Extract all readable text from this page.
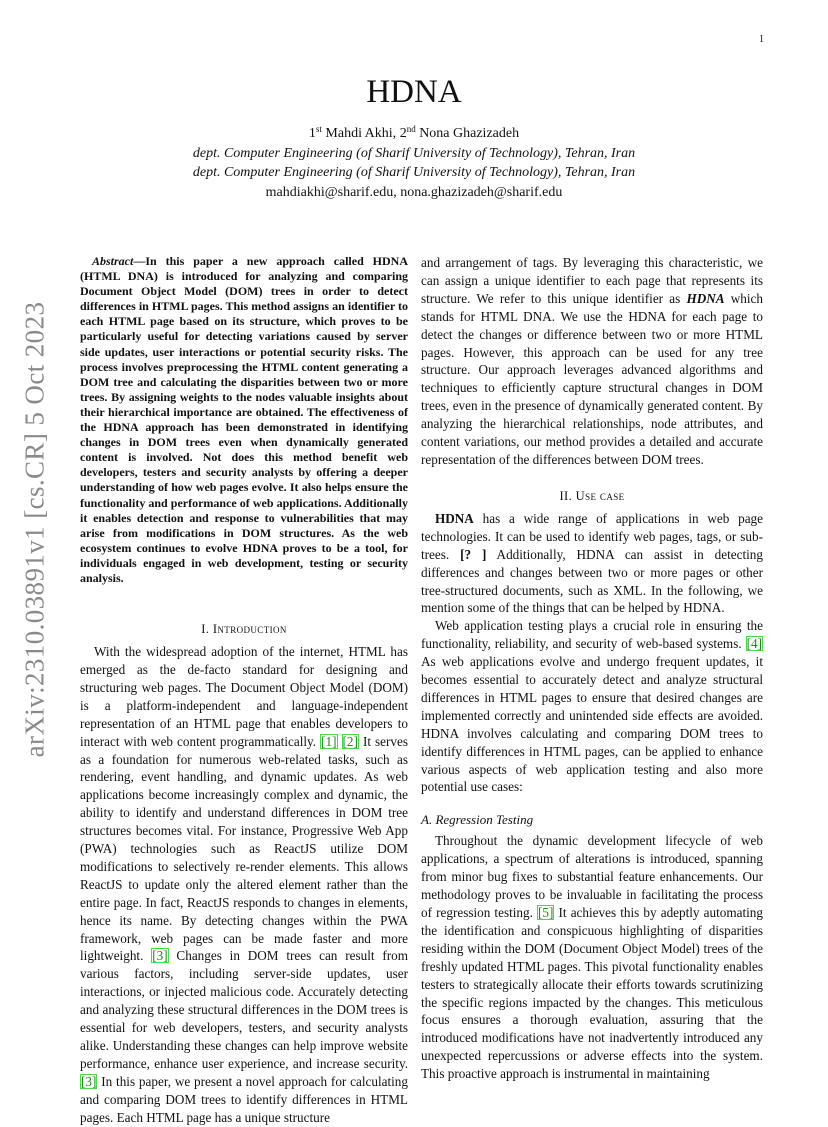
1
arXiv:2310.03891v1 [cs.CR] 5 Oct 2023
HDNA
1st Mahdi Akhi, 2nd Nona Ghazizadeh
dept. Computer Engineering (of Sharif University of Technology), Tehran, Iran
dept. Computer Engineering (of Sharif University of Technology), Tehran, Iran
mahdiakhi@sharif.edu, nona.ghazizadeh@sharif.edu

Abstract—In this paper a new approach called HDNA (HTML DNA) is introduced for analyzing and comparing Document Object Model (DOM) trees in order to detect differences in HTML pages. This method assigns an identifier to each HTML page based on its structure, which proves to be particularly useful for detecting variations caused by server side updates, user interactions or potential security risks. The process involves preprocessing the HTML content generating a DOM tree and calculating the disparities between two or more trees. By assigning weights to the nodes valuable insights about their hierarchical importance are obtained. The effectiveness of the HDNA approach has been demonstrated in identifying changes in DOM trees even when dynamically generated content is involved. Not does this method benefit web developers, testers and security analysts by offering a deeper understanding of how web pages evolve. It also helps ensure the functionality and performance of web applications. Additionally it enables detection and response to vulnerabilities that may arise from modifications in DOM structures. As the web ecosystem continues to evolve HDNA proves to be a tool, for individuals engaged in web development, testing or security analysis.

I. Introduction

With the widespread adoption of the internet, HTML has emerged as the de-facto standard for designing and structuring web pages. The Document Object Model (DOM) is a platform-independent and language-independent representation of an HTML page that enables developers to interact with web content programmatically. [1] [2] It serves as a foundation for numerous web-related tasks, such as rendering, event handling, and dynamic updates. As web applications become increasingly complex and dynamic, the ability to identify and understand differences in DOM tree structures becomes vital. For instance, Progressive Web App (PWA) technologies such as ReactJS utilize DOM modifications to selectively re-render elements. This allows ReactJS to update only the altered element rather than the entire page. In fact, ReactJS responds to changes in elements, hence its name. By detecting changes within the PWA framework, web pages can be made faster and more lightweight. [3] Changes in DOM trees can result from various factors, including server-side updates, user interactions, or injected malicious code. Accurately detecting and analyzing these structural differences in the DOM trees is essential for web developers, testers, and security analysts alike. Understanding these changes can help improve website performance, enhance user experience, and increase security. [3] In this paper, we present a novel approach for calculating and comparing DOM trees to identify differences in HTML pages. Each HTML page has a unique structure

and arrangement of tags. By leveraging this characteristic, we can assign a unique identifier to each page that represents its structure. We refer to this unique identifier as HDNA which stands for HTML DNA. We use the HDNA for each page to detect the changes or difference between two or more HTML pages. However, this approach can be used for any tree structure. Our approach leverages advanced algorithms and techniques to efficiently capture structural changes in DOM trees, even in the presence of dynamically generated content. By analyzing the hierarchical relationships, node attributes, and content variations, our method provides a detailed and accurate representation of the differences between DOM trees.

II. Use case

HDNA has a wide range of applications in web page technologies. It can be used to identify web pages, tags, or sub-trees. [? ] Additionally, HDNA can assist in detecting differences and changes between two or more pages or other tree-structured documents, such as XML. In the following, we mention some of the things that can be helped by HDNA.

Web application testing plays a crucial role in ensuring the functionality, reliability, and security of web-based systems. [4] As web applications evolve and undergo frequent updates, it becomes essential to accurately detect and analyze structural differences in HTML pages to ensure that desired changes are implemented correctly and unintended side effects are avoided. HDNA involves calculating and comparing DOM trees to identify differences in HTML pages, can be applied to enhance various aspects of web application testing and also more potential use cases:

A. Regression Testing

Throughout the dynamic development lifecycle of web applications, a spectrum of alterations is introduced, spanning from minor bug fixes to substantial feature enhancements. Our methodology proves to be invaluable in facilitating the process of regression testing. [5] It achieves this by adeptly automating the identification and conspicuous highlighting of disparities residing within the DOM (Document Object Model) trees of the freshly updated HTML pages. This pivotal functionality enables testers to strategically allocate their efforts towards scrutinizing the specific regions impacted by the changes. This meticulous focus ensures a thorough evaluation, assuring that the introduced modifications have not inadvertently introduced any unexpected repercussions or adverse effects into the system. This proactive approach is instrumental in maintaining
